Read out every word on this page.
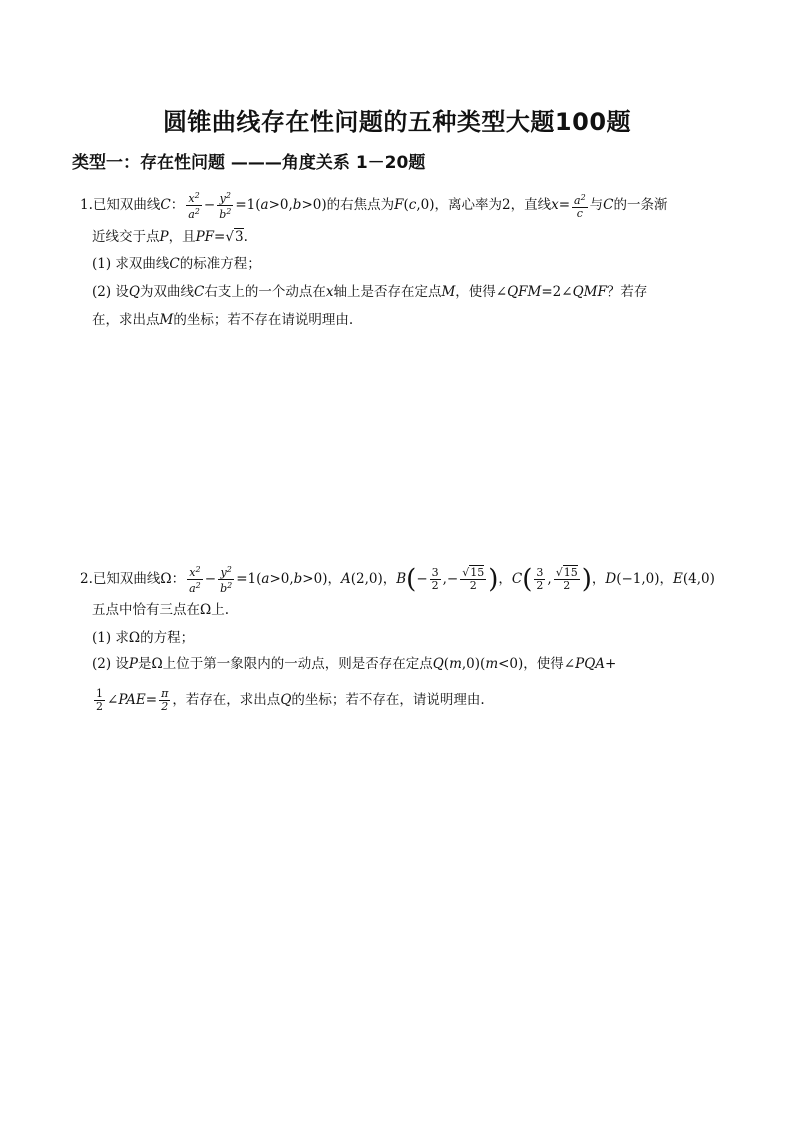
圆锥曲线存在性问题的五种类型大题100题
类型一：存在性问题 ———角度关系 1－20题
1.已知双曲线C： $\frac{x^2}{a^2} - \frac{y^2}{b^2} =1(a>0,b>0)$的右焦点为F(c,0)，离心率为2，直线$x= \frac{a^2}{c}$ 与C的一条渐
近线交于点P，且PF=√3.
(1) 求双曲线C的标准方程；
(2) 设Q为双曲线C右支上的一个动点在x轴上是否存在定点M，使得∠QFM=2∠QMF？若存
在，求出点M的坐标；若不存在请说明理由.
2.已知双曲线Ω： $\frac{x^2}{a^2} - \frac{y^2}{b^2} =1(a>0,b>0)$，A(2,0)，$B(- \frac{3}{2}$ ,− $\frac{√15}{2}$ )，$C( \frac{3}{2}$ , $\frac{√15}{2}$ )，D(−1,0)，E(4,0)
五点中恰有三点在Ω上.
(1) 求Ω的方程；
(2) 设P是Ω上位于第一象限内的一动点，则是否存在定点Q(m,0)(m<0)，使得∠PQA+
$\frac{1}{2}$ ∠PAE= $\frac{\pi}{2}$ ，若存在，求出点Q的坐标；若不存在，请说明理由.
